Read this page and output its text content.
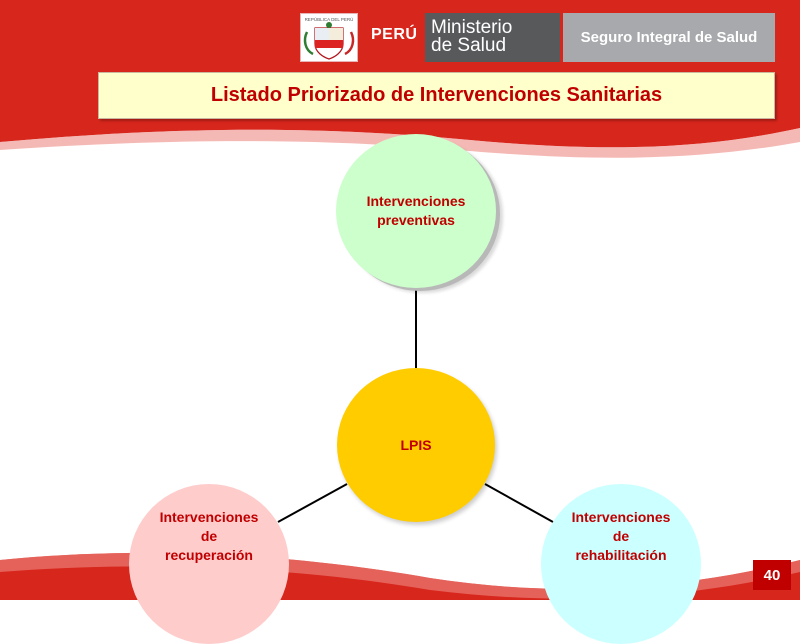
REPÚBLICA DEL PERÚ
PERÚ Ministerio
de Salud	Seguro Integral de Salud
Listado Priorizado de Intervenciones Sanitarias
Intervenciones
preventivas
LPIS
Intervenciones
de
recuperación
Intervenciones
de
rehabilitación
40
